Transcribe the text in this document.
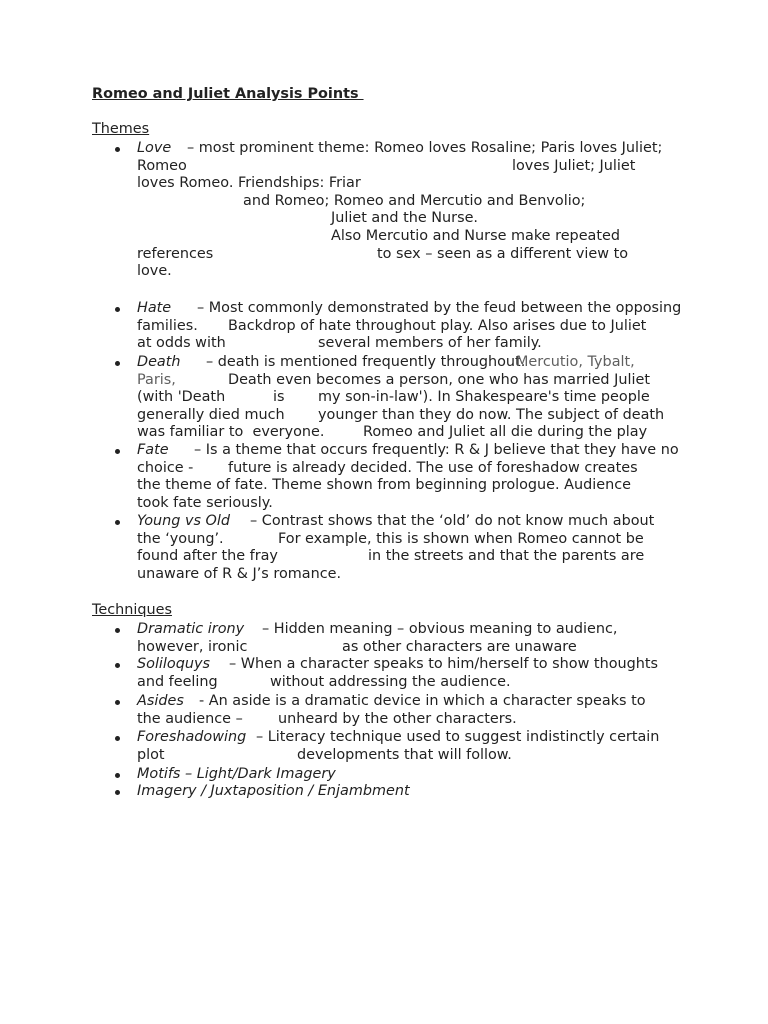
Romeo and Juliet Analysis Points
Themes
Love – most prominent theme: Romeo loves Rosaline; Paris loves Juliet;
Romeo	loves Juliet; Juliet
loves Romeo. Friendships: Friar
and Romeo; Romeo and Mercutio and Benvolio;
Juliet and the Nurse.
Also Mercutio and Nurse make repeated
references	to sex – seen as a different view to
love.
Hate – Most commonly demonstrated by the feud between the opposing
families. Backdrop of hate throughout play. Also arises due to Juliet
at odds with	several members of her family.
Death – death is mentioned frequently throughout.
Mercutio, Tybalt,
Paris,	Death even becomes a person, one who has married Juliet
(with 'Death	is my son-in-law'). In Shakespeare's time people
generally died much younger than they do now. The subject of death
was familiar to  everyone.	Romeo and Juliet all die during the play
Fate – Is a theme that occurs frequently: R & J believe that they have no
choice - future is already decided. The use of foreshadow creates
the theme of fate. Theme shown from beginning prologue. Audience
took fate seriously.
Young vs Old – Contrast shows that the ‘old’ do not know much about
the ‘young’.	For example, this is shown when Romeo cannot be
found after the fray	in the streets and that the parents are
unaware of R & J’s romance.
Techniques
Dramatic irony – Hidden meaning – obvious meaning to audienc,
however, ironic	as other characters are unaware
Soliloquys – When a character speaks to him/herself to show thoughts
and feeling	without addressing the audience.
Asides - An aside is a dramatic device in which a character speaks to
the audience – unheard by the other characters.
Foreshadowing – Literacy technique used to suggest indistinctly certain
plot	developments that will follow.
Motifs – Light/Dark Imagery
Imagery / Juxtaposition / Enjambment
